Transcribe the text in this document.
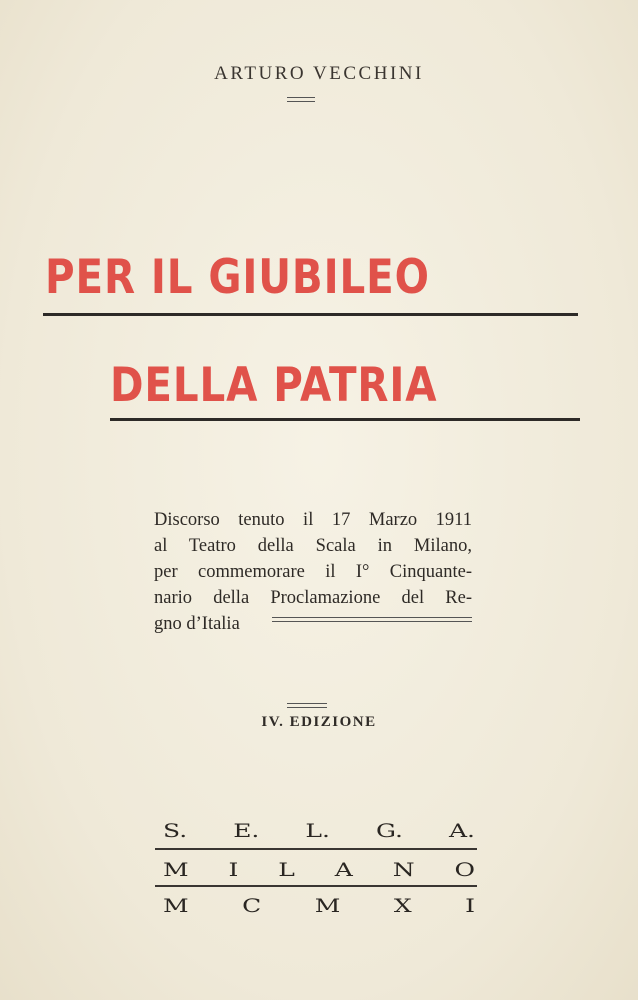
ARTURO VECCHINI
PER IL GIUBILEO
DELLA PATRIA
Discorso tenuto il 17 Marzo 1911
al Teatro della Scala in Milano,
per commemorare il I° Cinquante-
nario della Proclamazione del Re-
gno d’Italia
IV. EDIZIONE
S. E. L. G. A.
M I L A N O
M C M X I
